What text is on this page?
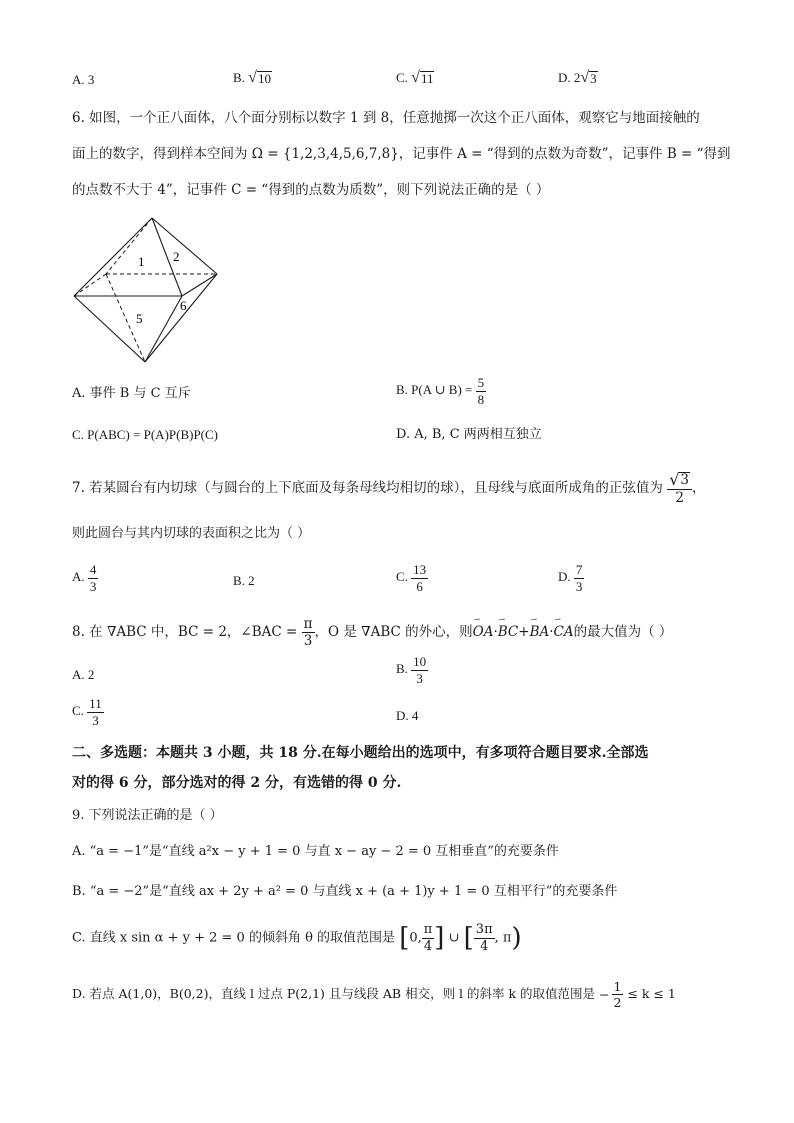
A. 3	B. √ 10	C. √ 11	D. 2 √ 3
6. 如图，一个正八面体，八个面分别标以数字 1 到 8，任意抛掷一次这个正八面体，观察它与地面接触的
面上的数字，得到样本空间为 Ω = {1,2,3,4,5,6,7,8}，记事件 A = “得到的点数为奇数”，记事件 B = “得到
的点数不大于 4”，记事件 C = “得到的点数为质数”，则下列说法正确的是（ ）
1 2
5
6
A. 事件 B 与 C 互斥	B. P(A ∪ $B) = \frac{5}{8}$
C. P(ABC) = P(A)P(B)P(C)	D. A, B, C 两两相互独立
7. 若某圆台有内切球（与圆台的上下底面及每条母线均相切的球），且母线与底面所成角的正弦值为 $\frac{√ 3}{2}$ ，
则此圆台与其内切球的表面积之比为（ ）
A. $\frac{4}{3}$	B. 2	C. $\frac{13}{6}$	D. $\frac{7}{3}$
8. 在 ∇ABC 中，BC = 2，∠BAC = $\frac{\pi}{3}$ ，O 是 ∇ABC 的外心，则⇀ OA·⇀ BC+⇀ BA·⇀ CA的最大值为（ ）
A. 2	B. $\frac{10}{3}$
C. $\frac{11}{3}$	D. 4
二、多选题：本题共 3 小题，共 18 分.在每小题给出的选项中，有多项符合题目要求.全部选
对的得 6 分，部分选对的得 2 分，有选错的得 0 分.
9. 下列说法正确的是（ ）
A. “a = −1”是“直线 a²x − y + 1 = 0 与直 x − ay − 2 = 0 互相垂直”的充要条件
B. “a = −2”是“直线 ax + 2y + a² = 0 与直线 x + (a + 1)y + 1 = 0 互相平行”的充要条件
C. 直线 x sin α + y + 2 = 0 的倾斜角 θ 的取值范围是 [0, $\frac{\pi}{4}$ ] ∪ [ $\frac{3\pi}{4}$ , π)
D. 若点 A(1,0)，B(0,2)，直线 l 过点 P(2,1) 且与线段 AB 相交，则 l 的斜率 k 的取值范围是 − $\frac{1}{2} \le k \le 1$
